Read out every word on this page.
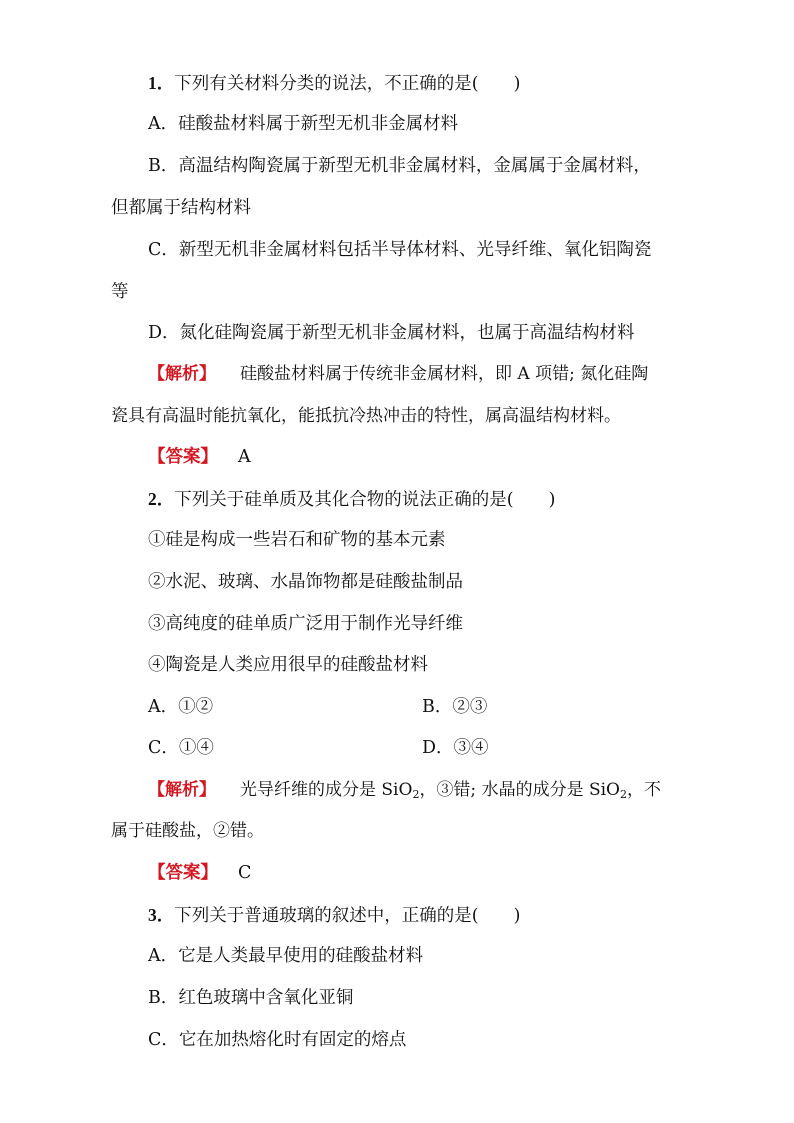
1．下列有关材料分类的说法，不正确的是(　　)
A．硅酸盐材料属于新型无机非金属材料
B．高温结构陶瓷属于新型无机非金属材料，金属属于金属材料，
但都属于结构材料
C．新型无机非金属材料包括半导体材料、光导纤维、氧化铝陶瓷
等
D．氮化硅陶瓷属于新型无机非金属材料，也属于高温结构材料
【解析】 硅酸盐材料属于传统非金属材料，即 A 项错; 氮化硅陶
瓷具有高温时能抗氧化，能抵抗冷热冲击的特性，属高温结构材料。
【答案】 A
2．下列关于硅单质及其化合物的说法正确的是(　　)
①硅是构成一些岩石和矿物的基本元素
②水泥、玻璃、水晶饰物都是硅酸盐制品
③高纯度的硅单质广泛用于制作光导纤维
④陶瓷是人类应用很早的硅酸盐材料
A．①②	B．②③
C．①④	D．③④
【解析】 光导纤维的成分是 SiO$_2$，③错; 水晶的成分是 SiO$_2$，不
属于硅酸盐，②错。
【答案】 C
3．下列关于普通玻璃的叙述中，正确的是(　　)
A．它是人类最早使用的硅酸盐材料
B．红色玻璃中含氧化亚铜
C．它在加热熔化时有固定的熔点
